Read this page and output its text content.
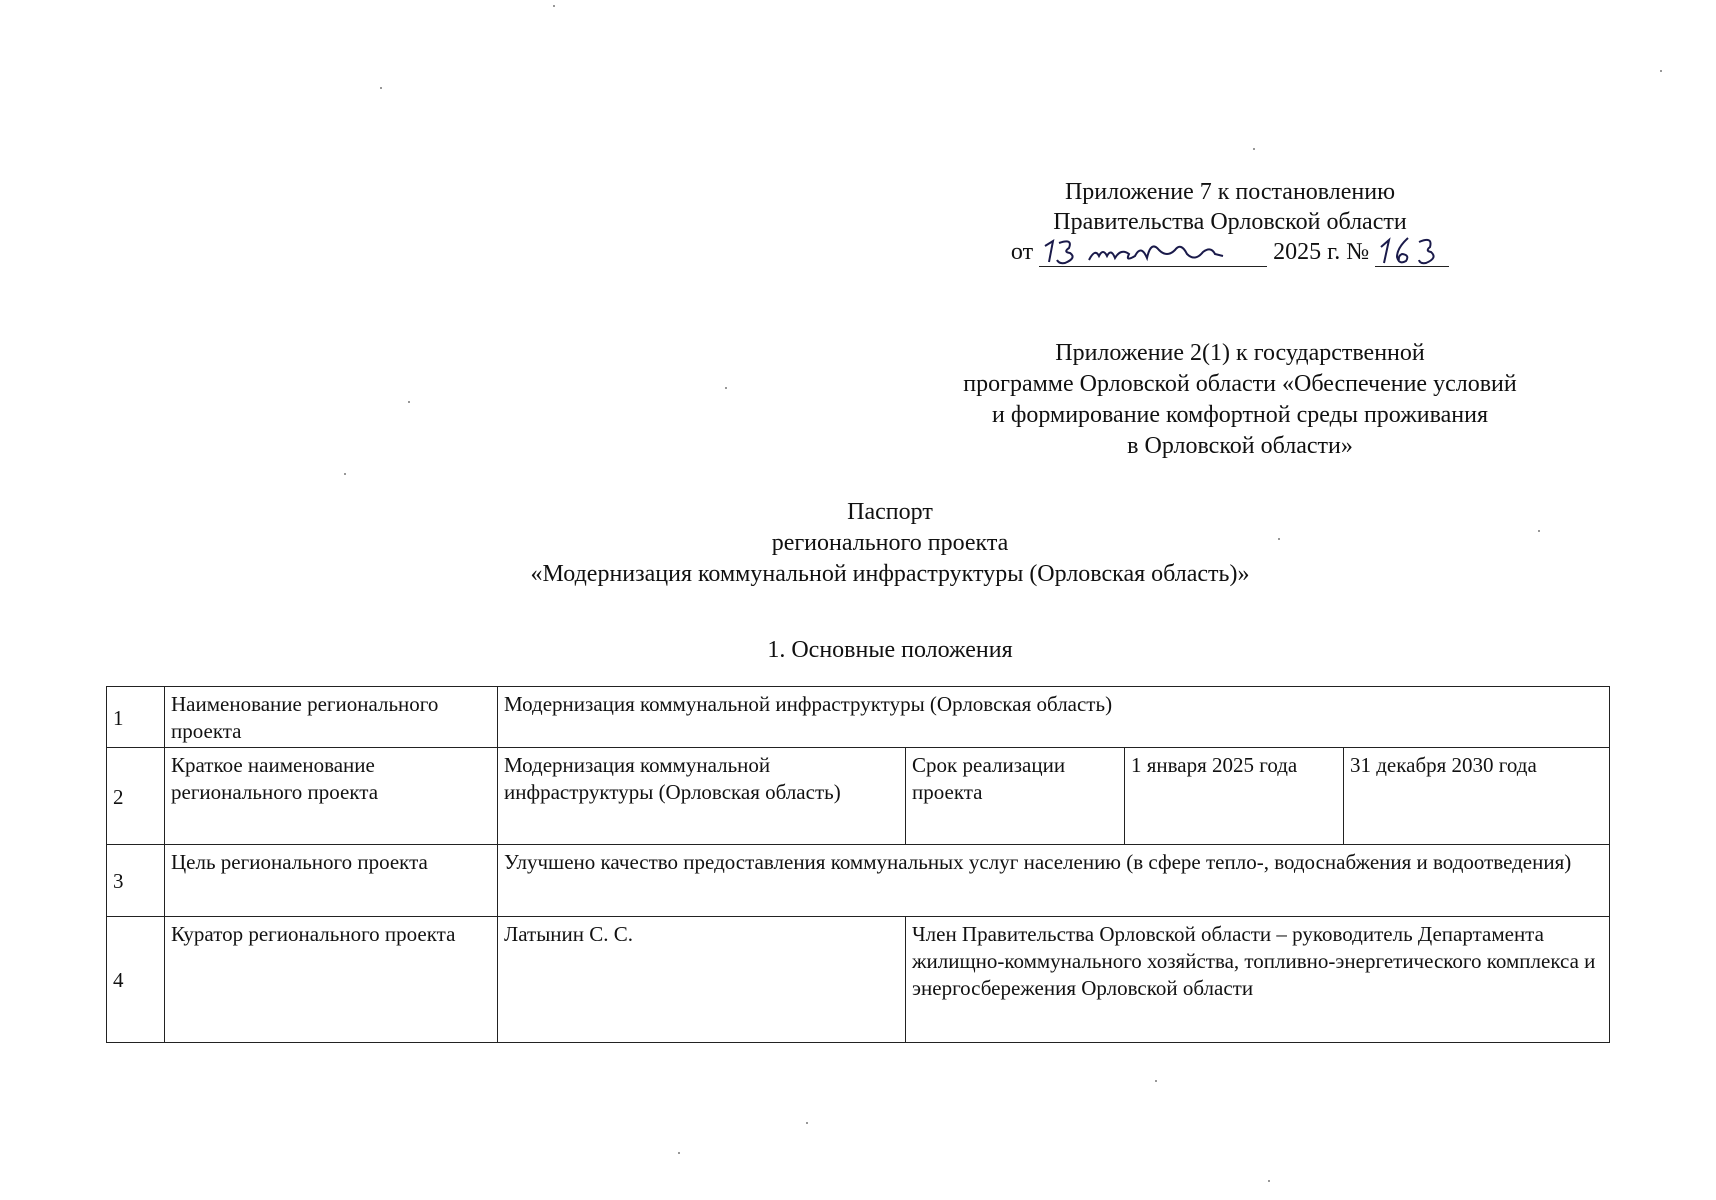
Приложение 7 к постановлению
Правительства Орловской области
от	2025 г. №
Приложение 2(1) к государственной
программе Орловской области «Обеспечение условий
и формирование комфортной среды проживания
в Орловской области»
Паспорт
регионального проекта
«Модернизация коммунальной инфраструктуры (Орловская область)»
1. Основные положения
1	Наименование регионального проекта	Модернизация коммунальной инфраструктуры (Орловская область)			
2	Краткое наименование регионального проекта	Модернизация коммунальной инфраструктуры (Орловская область)	Срок реализации проекта	1 января 2025 года	31 декабря 2030 года
3	Цель регионального проекта	Улучшено качество предоставления коммунальных услуг населению (в сфере тепло-, водоснабжения и водоотведения)			
4	Куратор регионального проекта	Латынин С. С.	Член Правительства Орловской области – руководитель Департамента жилищно-коммунального хозяйства, топливно-энергетического комплекса и энергосбережения Орловской области		
